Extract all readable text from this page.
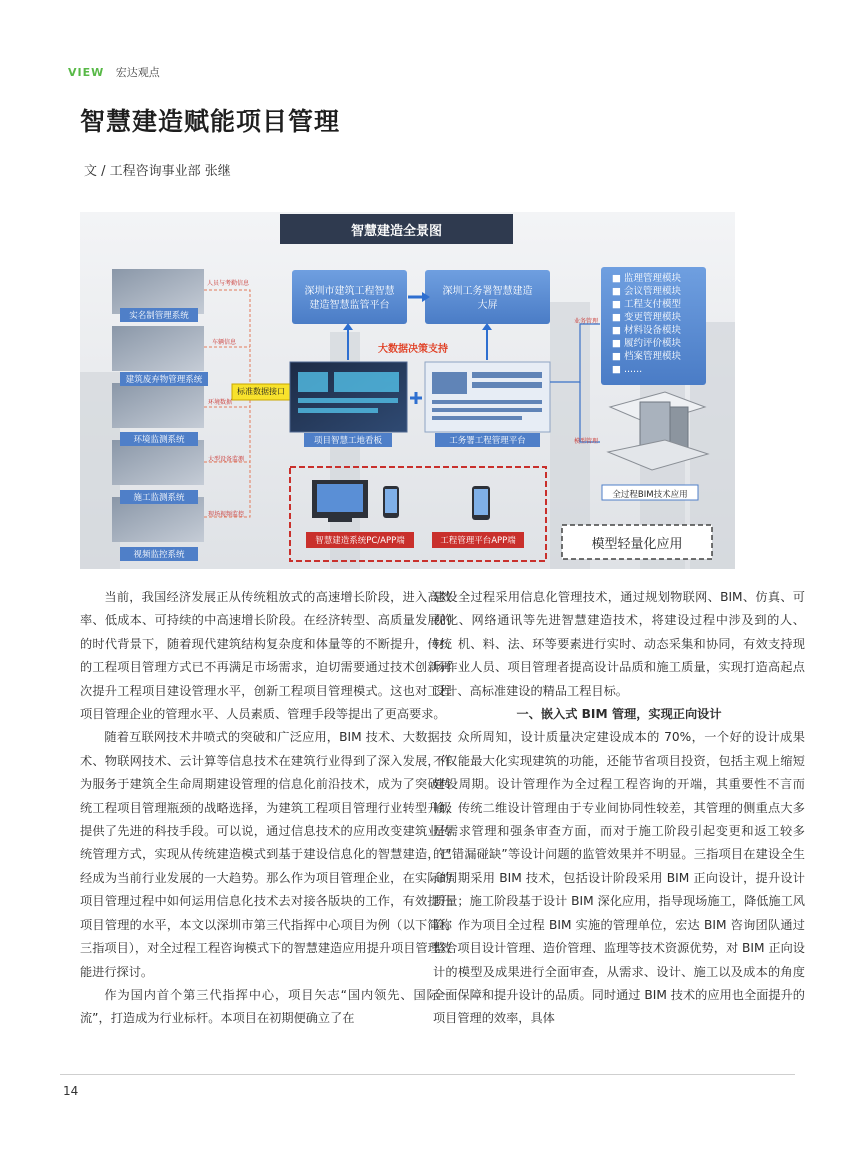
VIEW 宏达观点
智慧建造赋能项目管理
文 / 工程咨询事业部 张继
智慧建造全景图
实名制管理系统
建筑废弃物管理系统
环境监测系统
施工监测系统
视频监控系统
人员与考勤信息
车辆信息
环境数据
大型设备监测
现场视频监控
标准数据接口
深圳市建筑工程智慧
建造智慧监管平台
深圳工务署智慧建造
大屏
大数据决策支持
项目智慧工地看板	工务署工程管理平台
■ 监理管理模块
■ 会议管理模块
■ 工程支付模型
■ 变更管理模块
■ 材料设备模块
■ 履约评价模块
■ 档案管理模块
■ ......
业务管理
模型管理
全过程BIM技术应用
智慧建造系统PC/APP端	工程管理平台APP端	模型轻量化应用

当前，我国经济发展正从传统粗放式的高速增长阶段，进入高效率、低成本、可持续的中高速增长阶段。在经济转型、高质量发展的的时代背景下，随着现代建筑结构复杂度和体量等的不断提升，传统的工程项目管理方式已不再满足市场需求，迫切需要通过技术创新再次提升工程项目建设管理水平，创新工程项目管理模式。这也对工程项目管理企业的管理水平、人员素质、管理手段等提出了更高要求。

随着互联网技术井喷式的突破和广泛应用，BIM 技术、大数据技术、物联网技术、云计算等信息技术在建筑行业得到了深入发展，作为服务于建筑全生命周期建设管理的信息化前沿技术，成为了突破传统工程项目管理瓶颈的战略选择，为建筑工程项目管理行业转型升级提供了先进的科技手段。可以说，通过信息技术的应用改变建筑业传统管理方式，实现从传统建造模式到基于建设信息化的智慧建造，已经成为当前行业发展的一大趋势。那么作为项目管理企业，在实际的项目管理过程中如何运用信息化技术去对接各版块的工作，有效提升项目管理的水平，本文以深圳市第三代指挥中心项目为例（以下简称三指项目），对全过程工程咨询模式下的智慧建造应用提升项目管理效能进行探讨。

作为国内首个第三代指挥中心，项目矢志“国内领先、国际一流”，打造成为行业标杆。本项目在初期便确立了在

建设全过程采用信息化管理技术，通过规划物联网、BIM、仿真、可视化、网络通讯等先进智慧建造技术，将建设过程中涉及到的人、材、机、料、法、环等要素进行实时、动态采集和协同，有效支持现场作业人员、项目管理者提高设计品质和施工质量，实现打造高起点设计、高标准建设的精品工程目标。

一、嵌入式 BIM 管理，实现正向设计

众所周知，设计质量决定建设成本的 70%，一个好的设计成果不仅能最大化实现建筑的功能，还能节省项目投资，包括主观上缩短建设周期。设计管理作为全过程工程咨询的开端，其重要性不言而喻，传统二维设计管理由于专业间协同性较差，其管理的侧重点大多是需求管理和强条审查方面，而对于施工阶段引起变更和返工较多的“错漏碰缺”等设计问题的监管效果并不明显。三指项目在建设全生命周期采用 BIM 技术，包括设计阶段采用 BIM 正向设计，提升设计质量；施工阶段基于设计 BIM 深化应用，指导现场施工，降低施工风险。作为项目全过程 BIM 实施的管理单位，宏达 BIM 咨询团队通过整合项目设计管理、造价管理、监理等技术资源优势，对 BIM 正向设计的模型及成果进行全面审查，从需求、设计、施工以及成本的角度全面保障和提升设计的品质。同时通过 BIM 技术的应用也全面提升的项目管理的效率，具体

14
